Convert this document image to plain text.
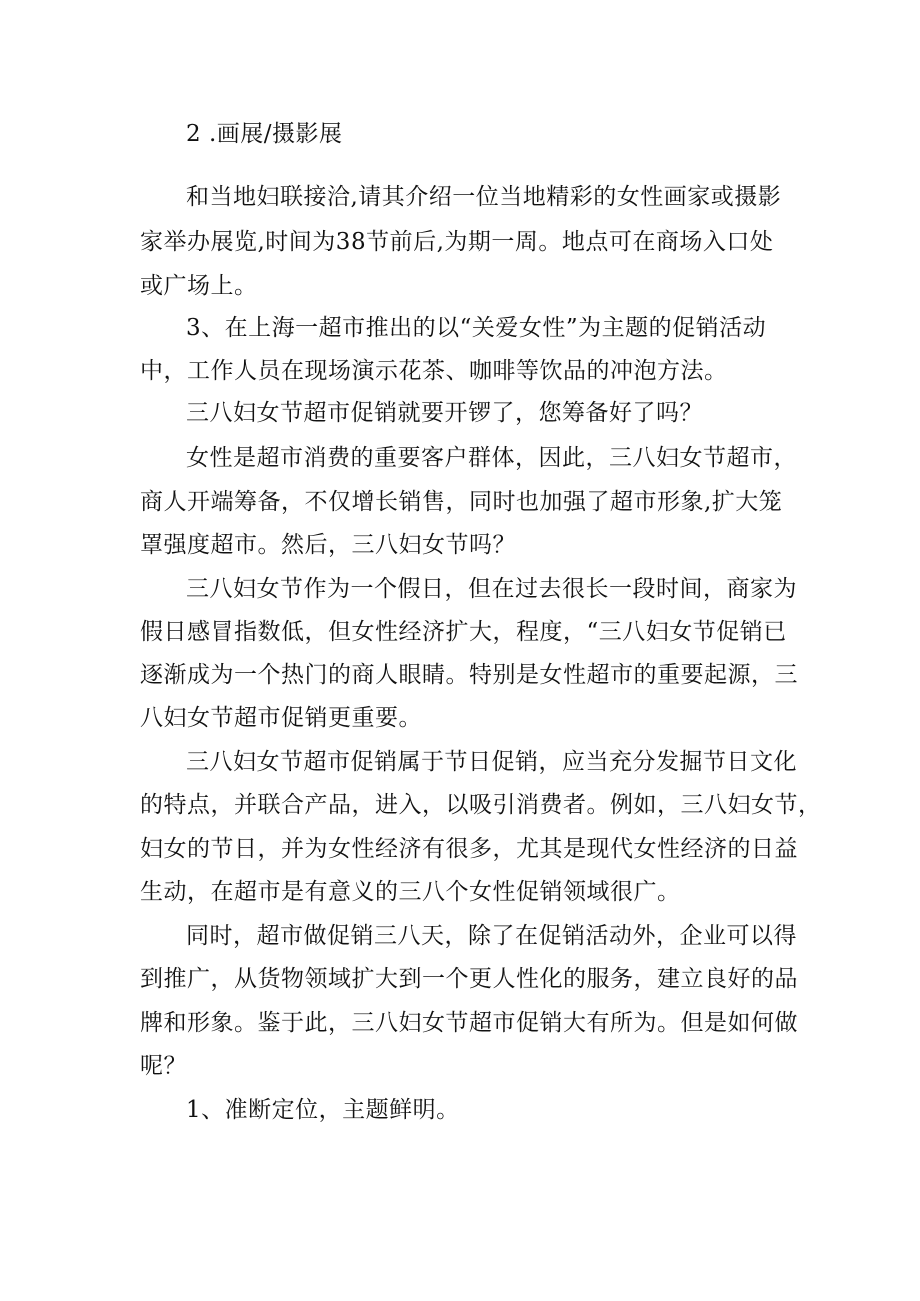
2 .画展/摄影展
和当地妇联接洽,请其介绍一位当地精彩的女性画家或摄影
家举办展览,时间为38节前后,为期一周。地点可在商场入口处
或广场上。
3、在上海一超市推出的以“关爱女性”为主题的促销活动
中，工作人员在现场演示花茶、咖啡等饮品的冲泡方法。
三八妇女节超市促销就要开锣了，您筹备好了吗？
女性是超市消费的重要客户群体，因此，三八妇女节超市，
商人开端筹备，不仅增长销售，同时也加强了超市形象,扩大笼
罩强度超市。然后，三八妇女节吗？
三八妇女节作为一个假日，但在过去很长一段时间，商家为
假日感冒指数低，但女性经济扩大，程度，“三八妇女节促销已
逐渐成为一个热门的商人眼睛。特别是女性超市的重要起源，三
八妇女节超市促销更重要。
三八妇女节超市促销属于节日促销，应当充分发掘节日文化
的特点，并联合产品，进入，以吸引消费者。例如，三八妇女节，
妇女的节日，并为女性经济有很多，尤其是现代女性经济的日益
生动，在超市是有意义的三八个女性促销领域很广。
同时，超市做促销三八天，除了在促销活动外，企业可以得
到推广，从货物领域扩大到一个更人性化的服务，建立良好的品
牌和形象。鉴于此，三八妇女节超市促销大有所为。但是如何做
呢？
1、准断定位，主题鲜明。
